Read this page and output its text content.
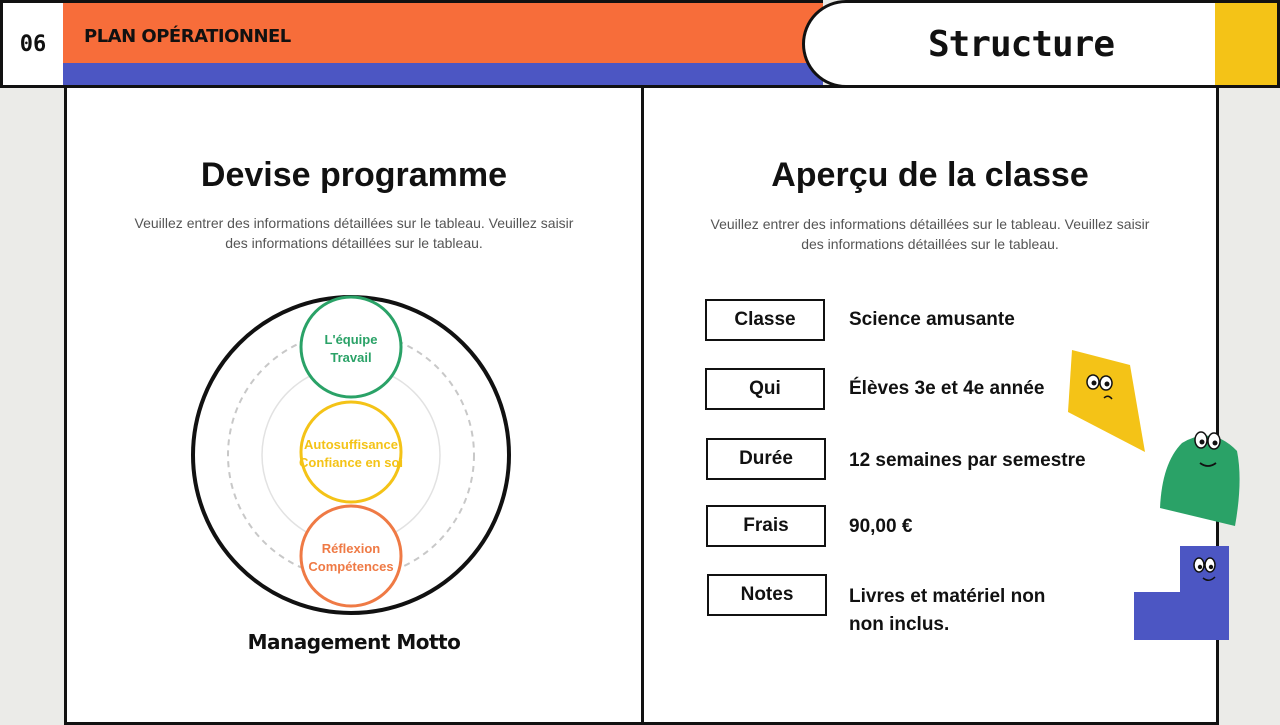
06 PLAN OPÉRATIONNEL	Structure
Devise programme
Veuillez entrer des informations détaillées sur le tableau. Veuillez saisir
des informations détaillées sur le tableau.
L'équipe
Travail
Autosuffisance
Confiance en soi
Réflexion
Compétences
Management Motto
Aperçu de la classe
Veuillez entrer des informations détaillées sur le tableau. Veuillez saisir
des informations détaillées sur le tableau.
Classe	Science amusante
Qui	Élèves 3e et 4e année
Durée	12 semaines par semestre
Frais	90,00 €
Notes	Livres et matériel non
non inclus.
